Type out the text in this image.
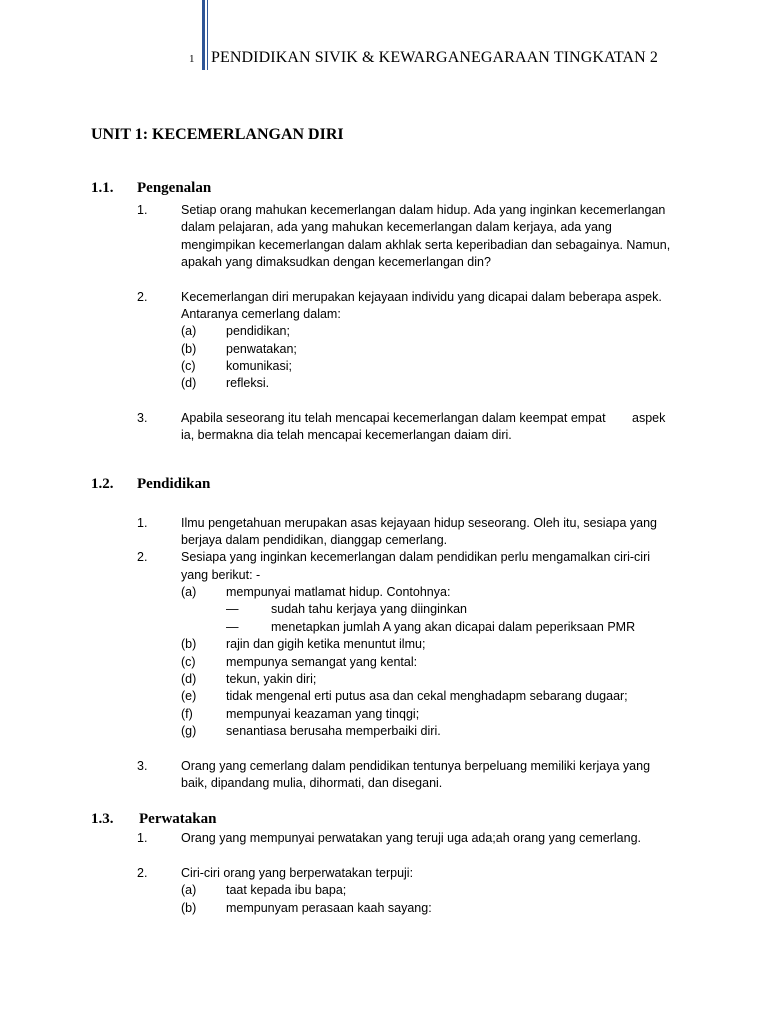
1 PENDIDIKAN SIVIK & KEWARGANEGARAAN TINGKATAN 2
UNIT 1: KECEMERLANGAN DIRI
1.1. Pengenalan
1.	Setiap orang mahukan kecemerlangan dalam hidup. Ada yang inginkan kecemerlangan
dalam pelajaran, ada yang mahukan kecemerlangan dalam kerjaya, ada yang
mengimpikan kecemerlangan dalam akhlak serta keperibadian dan sebagainya. Namun,
apakah yang dimaksudkan dengan kecemerlangan din?
2.	Kecemerlangan diri merupakan kejayaan individu yang dicapai dalam beberapa aspek.
Antaranya cemerlang dalam:
(a) pendidikan;
(b) penwatakan;
(c) komunikasi;
(d) refleksi.
3.	Apabila seseorang itu telah mencapai kecemerlangan dalam keempat empat aspek
ia, bermakna dia telah mencapai kecemerlangan daiam diri.
1.2. Pendidikan
1.	Ilmu pengetahuan merupakan asas kejayaan hidup seseorang. Oleh itu, sesiapa yang
berjaya dalam pendidikan, dianggap cemerlang.
2.	Sesiapa yang inginkan kecemerlangan dalam pendidikan perlu mengamalkan ciri-ciri
yang berikut: -
(a) mempunyai matlamat hidup. Contohnya:
—	sudah tahu kerjaya yang diinginkan
—	menetapkan jumlah A yang akan dicapai dalam peperiksaan PMR
(b) rajin dan gigih ketika menuntut ilmu;
(c) mempunya semangat yang kental:
(d) tekun, yakin diri;
(e) tidak mengenal erti putus asa dan cekal menghadapm sebarang dugaar;
(f)	mempunyai keazaman yang tinqgi;
(g) senantiasa berusaha memperbaiki diri.
3.	Orang yang cemerlang dalam pendidikan tentunya berpeluang memiliki kerjaya yang
baik, dipandang mulia, dihormati, dan disegani.
1.3. Perwatakan
1.	Orang yang mempunyai perwatakan yang teruji uga ada;ah orang yang cemerlang.
2.	Ciri-ciri orang yang berperwatakan terpuji:
(a) taat kepada ibu bapa;
(b) mempunyam perasaan kaah sayang:
